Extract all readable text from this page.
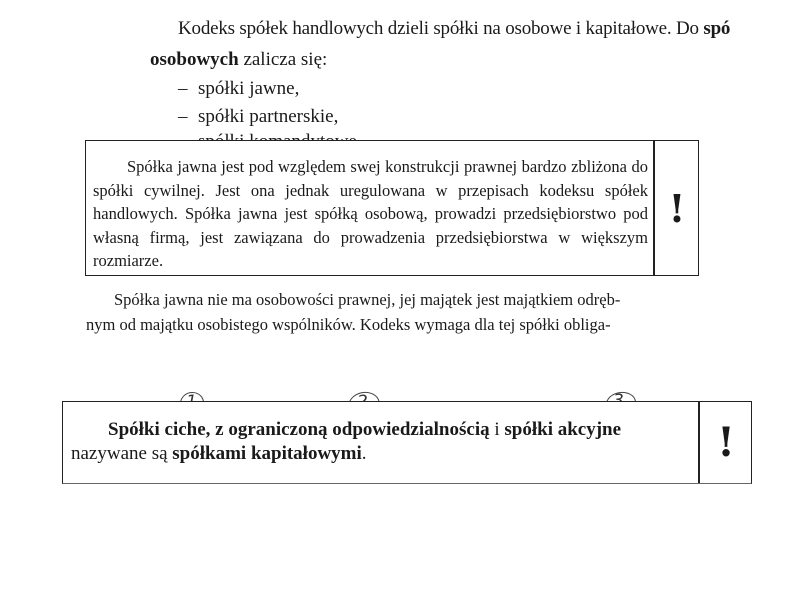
Kodeks spółek handlowych dzieli spółki na osobowe i kapitałowe. Do spó
osobowych zalicza się:
– spółki jawne,
– spółki partnerskie,
Spółka jawna jest pod względem swej konstrukcji prawnej bardzo zbliżona do spółki cywilnej. Jest ona jednak uregulowana w przepisach kodeksu spółek handlowych. Spółka jawna jest spółką osobową, prowadzi przedsiębiorstwo pod własną firmą, jest zawiązana do prowadzenia przedsiębiorstwa w większym rozmiarze.
!
Spółka jawna nie ma osobowości prawnej, jej majątek jest majątkiem odręb-
nym od majątku osobistego wspólników. Kodeks wymaga dla tej spółki obliga-
Spółki ciche, z ograniczoną odpowiedzialnością i spółki akcyjne
nazywane są spółkami kapitałowymi.	!
